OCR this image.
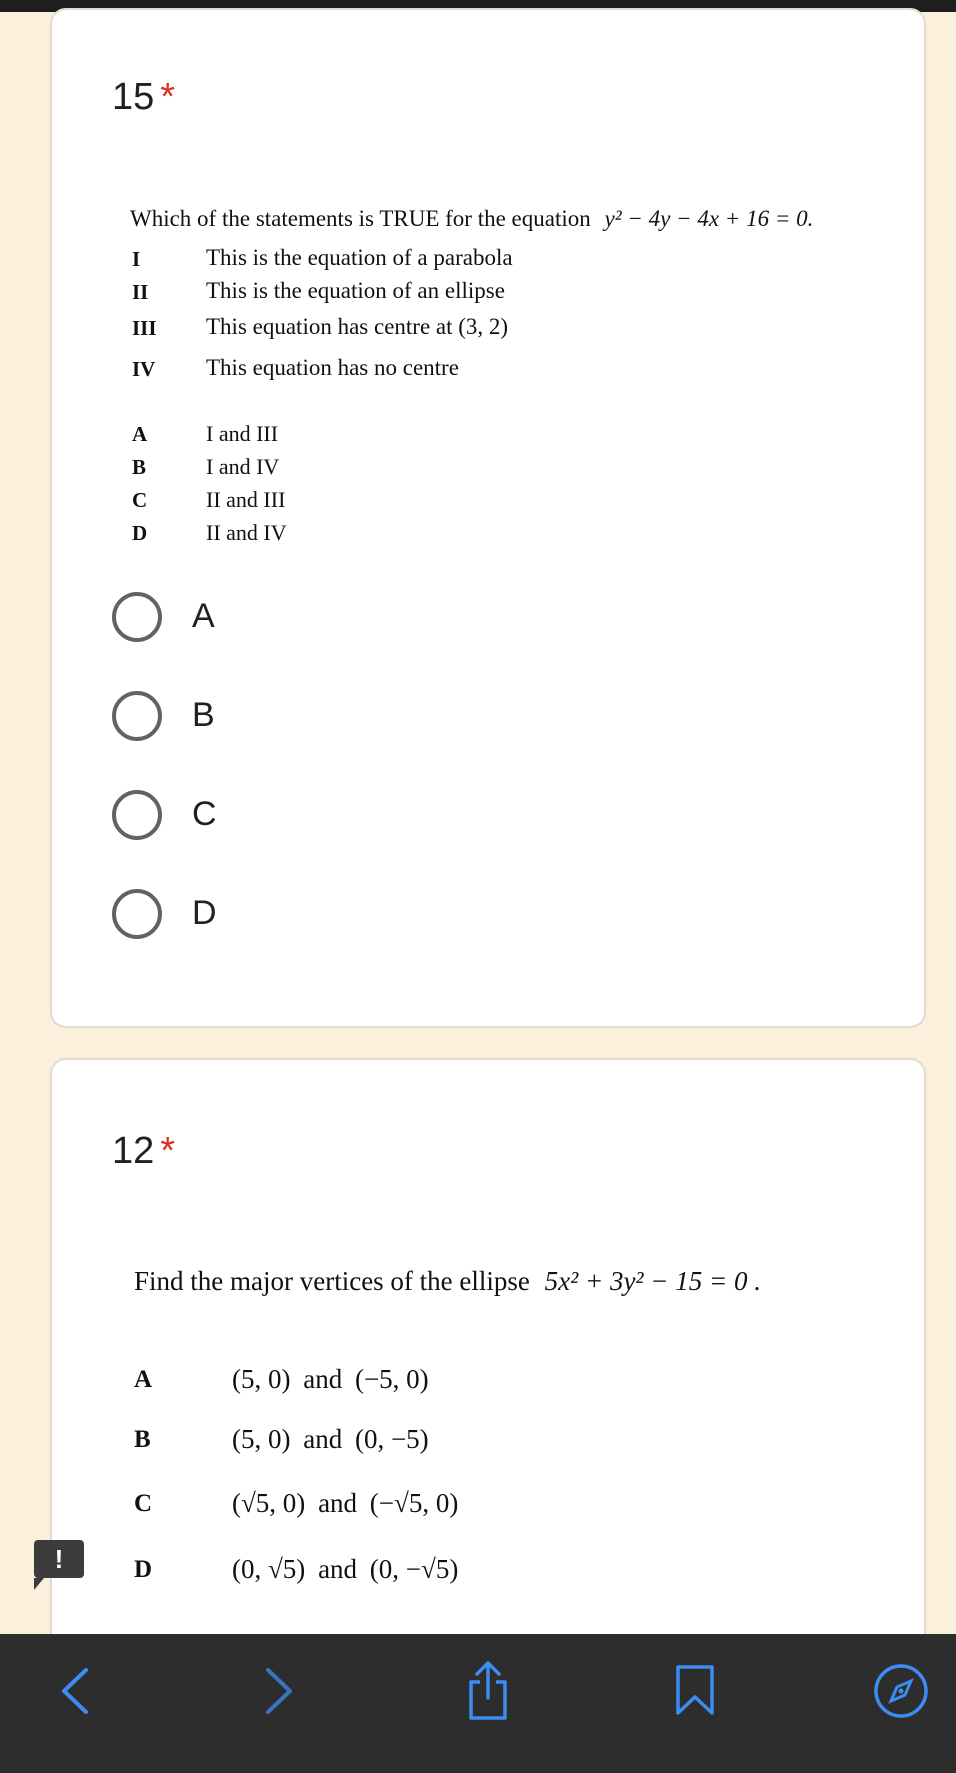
15 *
Which of the statements is TRUE for the equation y² − 4y − 4x + 16 = 0.
I	This is the equation of a parabola
II	This is the equation of an ellipse
III This equation has centre at (3, 2)
IV This equation has no centre
A	I and III
B	I and IV
C	II and III
D	II and IV
A
B
C
D
12 *
Find the major vertices of the ellipse 5x² + 3y² − 15 = 0 .
A	(5, 0) and (−5, 0)
B	(5, 0) and (0, −5)
C	(√5, 0) and (−√5, 0)
D	(0, √5) and (0, −√5)
!
